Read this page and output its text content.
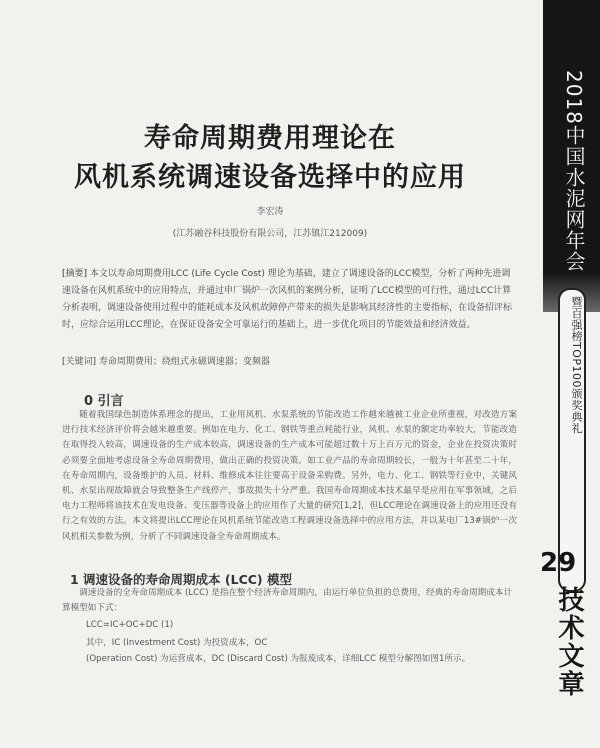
寿命周期费用理论在
风机系统调速设备选择中的应用
李宏涛
(江苏融谷科技股份有限公司，江苏镇江212009)
[摘要] 本文以寿命周期费用LCC (Life Cycle Cost) 理论为基础，建立了调速设备的LCC模型，分析了两种先进调速设备在风机系统中的应用特点，并通过申厂锅炉一次风机的案例分析，证明了LCC模型的可行性，通过LCC计算分析表明，调速设备使用过程中的能耗成本及风机故障停产带来的损失是影响其经济性的主要指标，在设备招评标时，应综合运用LCC理论，在保证设备安全可靠运行的基础上，进一步优化项目的节能效益和经济效益。
[关键词] 寿命周期费用；绕组式永磁调速器；变频器
0 引言
随着我国绿色制造体系理念的提出，工业用风机、水泵系统的节能改造工作越来越被工业企业所重视，对改造方案进行技术经济评价将会越来越重要。例如在电力、化工、钢铁等重点耗能行业，风机、水泵的额定功率较大，节能改造在取得投入较高，调速设备的生产成本较高，调速设备的生产成本可能超过数十万上百万元的资金，企业在投资决策时必须要全面地考虑设备全寿命周期费用，做出正确的投资决策。如工业产品的寿命周期较长，一般为十年甚至二十年，在寿命周期内，设备维护的人员、材料、维修成本往往要高于设备采购费。另外，电力、化工、钢铁等行业中，关键风机、水泵出现故障就会导致整条生产线停产，事故损失十分严重。我国寿命周期成本技术最早是应用在军事领域，之后电力工程师将该技术在发电设备、变压器等设备上的应用作了大量的研究[1,2]，但LCC理论在调速设备上的应用还没有行之有效的方法。本文将提出LCC理论在风机系统节能改造工程调速设备选择中的应用方法，并以某电厂13#锅炉一次风机相关参数为例，分析了不同调速设备全寿命周期成本。
1 调速设备的寿命周期成本 (LCC) 模型
调速设备的全寿命周期成本 (LCC) 是指在整个经济寿命周期内，由运行单位负担的总费用，经典的寿命周期成本计算模型如下式：
LCC=IC+OC+DC (1)
其中，IC (Investment Cost) 为投资成本，OC
(Operation Cost) 为运营成本，DC (Discard Cost) 为报废成本，详细LCC 模型分解图如图1所示。
2018中国水泥网年会
暨百强榜TOP100颁奖典礼
29
技术文章
